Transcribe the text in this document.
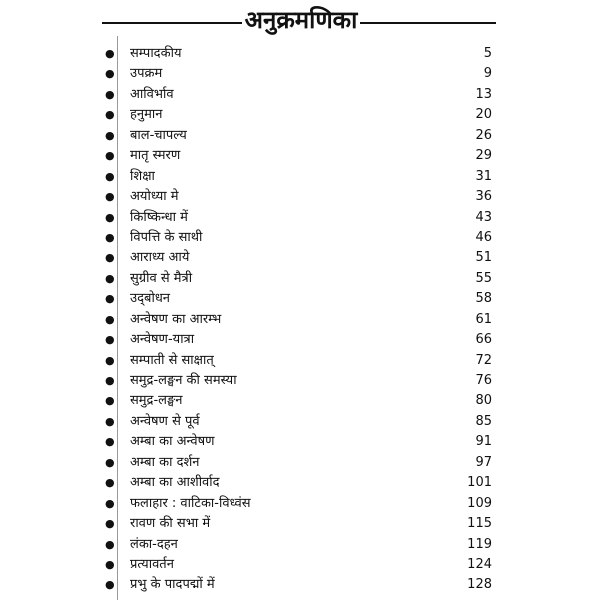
अनुक्रमणिका
● सम्पादकीय	5
● उपक्रम	9
● आविर्भाव	13
● हनुमान	20
● बाल-चापल्य	26
● मातृ स्मरण	29
● शिक्षा	31
● अयोध्या मे	36
● किष्किन्धा में	43
● विपत्ति के साथी	46
● आराध्य आये	51
● सुग्रीव से मैत्री	55
● उद्‌बोधन	58
● अन्वेषण का आरम्भ	61
● अन्वेषण-यात्रा	66
● सम्पाती से साक्षात्	72
● समुद्र-लङ्घन की समस्या	76
● समुद्र-लङ्घन	80
● अन्वेषण से पूर्व	85
● अम्बा का अन्वेषण	91
● अम्बा का दर्शन	97
● अम्बा का आशीर्वाद	101
● फलाहार : वाटिका-विध्वंस	109
● रावण की सभा में	115
● लंका-दहन	119
● प्रत्यावर्तन	124
● प्रभु के पादपद्मों में	128
